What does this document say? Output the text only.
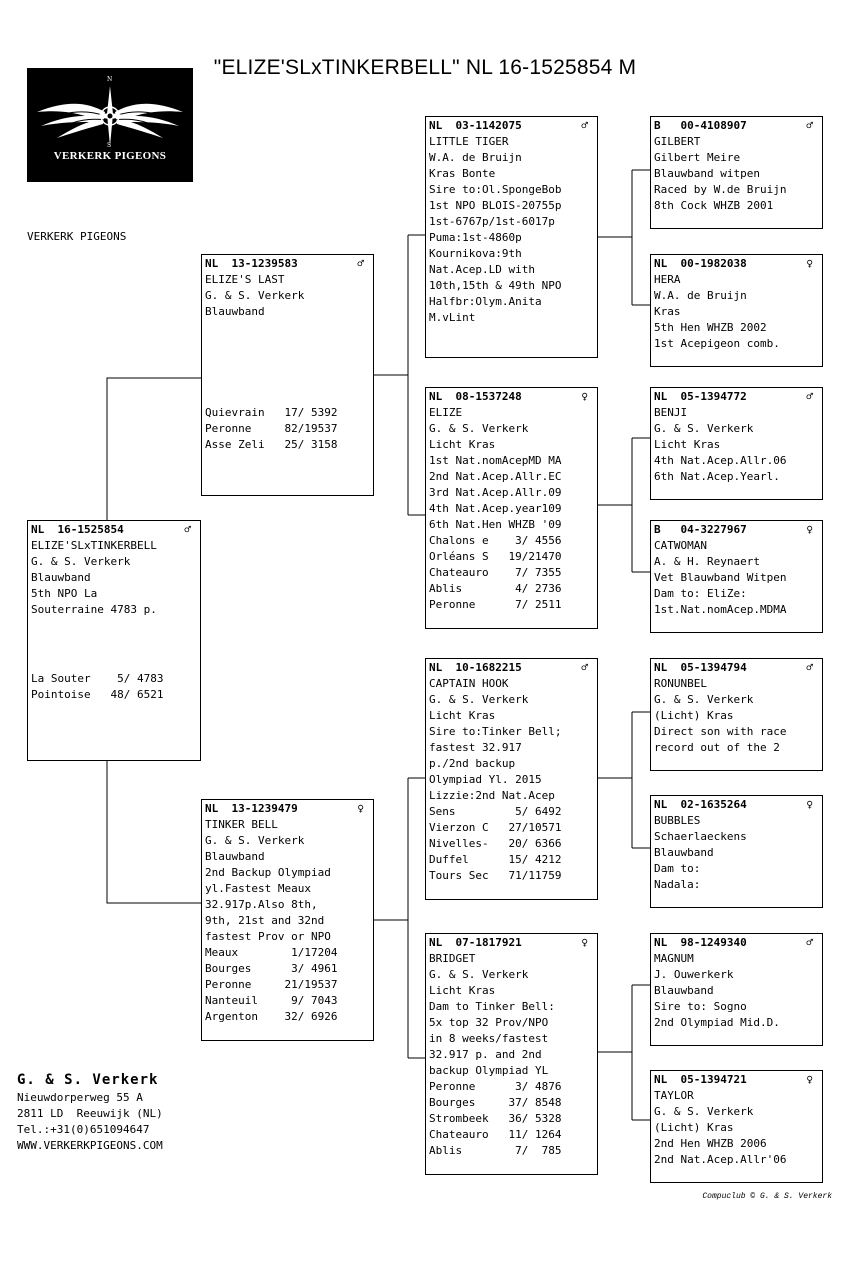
"ELIZE'SLxTINKERBELL" NL 16-1525854 M
N
S
VERKERK PIGEONS
VERKERK PIGEONS
NL  16-1525854	♂
ELIZE'SLxTINKERBELL
G. & S. Verkerk
Blauwband
5th NPO La
Souterraine 4783 p.
La Souter    5/ 4783
Pointoise   48/ 6521
NL  13-1239583	♂
ELIZE'S LAST
G. & S. Verkerk
Blauwband
Quievrain   17/ 5392
Peronne     82/19537
Asse Zeli   25/ 3158
NL  13-1239479	♀
TINKER BELL
G. & S. Verkerk
Blauwband
2nd Backup Olympiad
yl.Fastest Meaux
32.917p.Also 8th,
9th, 21st and 32nd
fastest Prov or NPO
Meaux        1/17204
Bourges      3/ 4961
Peronne     21/19537
Nanteuil     9/ 7043
Argenton    32/ 6926
NL  03-1142075	♂
LITTLE TIGER
W.A. de Bruijn
Kras Bonte
Sire to:Ol.SpongeBob
1st NPO BLOIS-20755p
1st-6767p/1st-6017p
Puma:1st-4860p
Kournikova:9th
Nat.Acep.LD with
10th,15th & 49th NPO
Halfbr:Olym.Anita
M.vLint
NL  08-1537248	♀
ELIZE
G. & S. Verkerk
Licht Kras
1st Nat.nomAcepMD MA
2nd Nat.Acep.Allr.EC
3rd Nat.Acep.Allr.09
4th Nat.Acep.year109
6th Nat.Hen WHZB '09
Chalons e    3/ 4556
Orléans S   19/21470
Chateauro    7/ 7355
Ablis        4/ 2736
Peronne      7/ 2511
NL  10-1682215	♂
CAPTAIN HOOK
G. & S. Verkerk
Licht Kras
Sire to:Tinker Bell;
fastest 32.917
p./2nd backup
Olympiad Yl. 2015
Lizzie:2nd Nat.Acep
Sens         5/ 6492
Vierzon C   27/10571
Nivelles-   20/ 6366
Duffel      15/ 4212
Tours Sec   71/11759
NL  07-1817921	♀
BRIDGET
G. & S. Verkerk
Licht Kras
Dam to Tinker Bell:
5x top 32 Prov/NPO
in 8 weeks/fastest
32.917 p. and 2nd
backup Olympiad YL
Peronne      3/ 4876
Bourges     37/ 8548
Strombeek   36/ 5328
Chateauro   11/ 1264
Ablis        7/  785
B   00-4108907	♂
GILBERT
Gilbert Meire
Blauwband witpen
Raced by W.de Bruijn
8th Cock WHZB 2001
NL  00-1982038	♀
HERA
W.A. de Bruijn
Kras
5th Hen WHZB 2002
1st Acepigeon comb.
NL  05-1394772	♂
BENJI
G. & S. Verkerk
Licht Kras
4th Nat.Acep.Allr.06
6th Nat.Acep.Yearl.
B   04-3227967	♀
CATWOMAN
A. & H. Reynaert
Vet Blauwband Witpen
Dam to: EliZe:
1st.Nat.nomAcep.MDMA
NL  05-1394794	♂
RONUNBEL
G. & S. Verkerk
(Licht) Kras
Direct son with race
record out of the 2
NL  02-1635264	♀
BUBBLES
Schaerlaeckens
Blauwband
Dam to:
Nadala:
NL  98-1249340	♂
MAGNUM
J. Ouwerkerk
Blauwband
Sire to: Sogno
2nd Olympiad Mid.D.
NL  05-1394721	♀
TAYLOR
G. & S. Verkerk
(Licht) Kras
2nd Hen WHZB 2006
2nd Nat.Acep.Allr'06
G. & S. Verkerk
Nieuwdorperweg 55 A
2811 LD  Reeuwijk (NL)
Tel.:+31(0)651094647
WWW.VERKERKPIGEONS.COM
Compuclub © G. & S. Verkerk
